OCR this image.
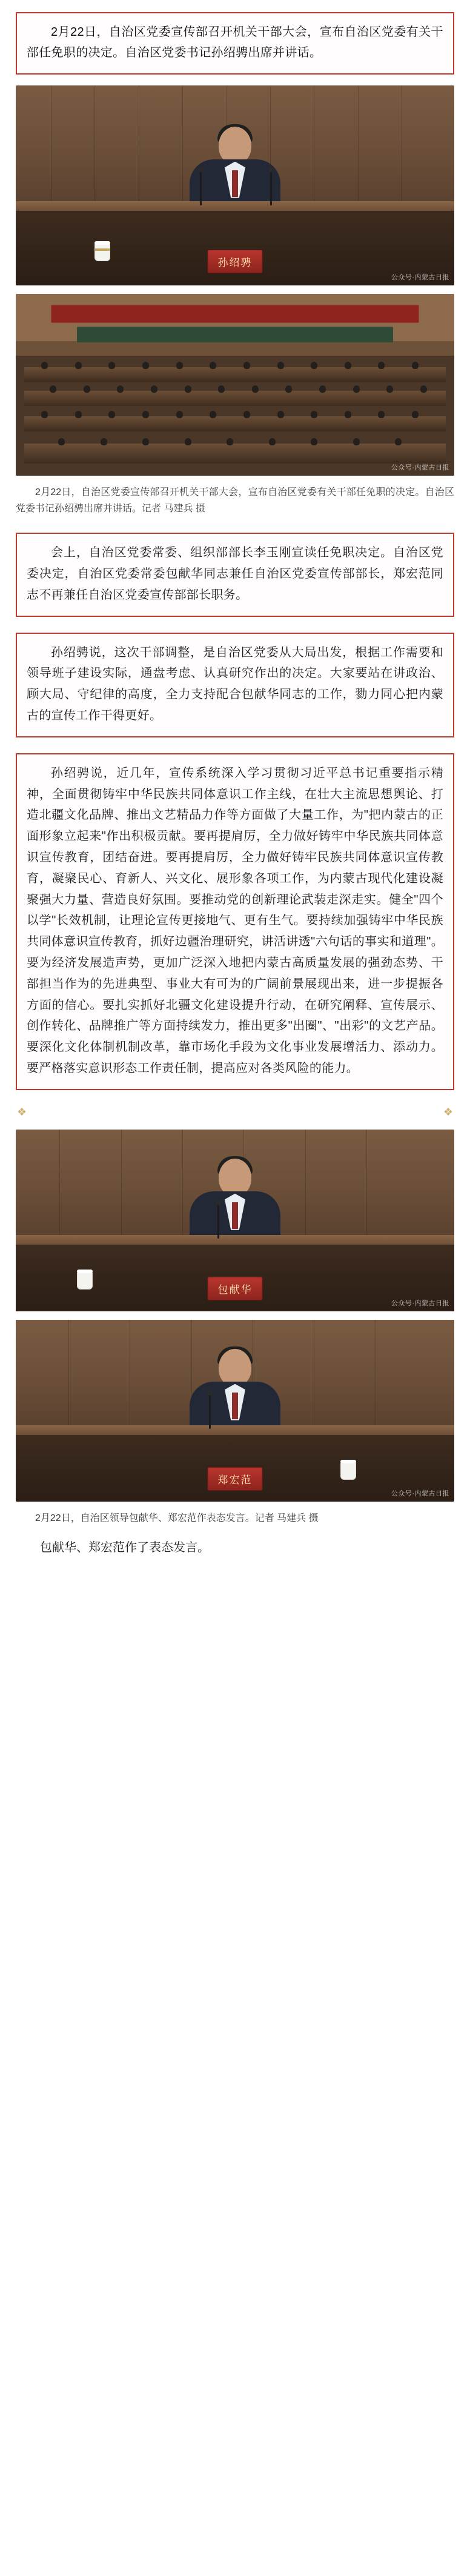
2月22日，自治区党委宣传部召开机关干部大会，宣布自治区党委有关干部任免职的决定。自治区党委书记孙绍骋出席并讲话。

孙绍骋
公众号·内蒙古日报
公众号·内蒙古日报
2月22日，自治区党委宣传部召开机关干部大会，宣布自治区党委有关干部任免职的决定。自治区党委书记孙绍骋出席并讲话。记者 马建兵 摄

会上，自治区党委常委、组织部部长李玉刚宣读任免职决定。自治区党委决定，自治区党委常委包献华同志兼任自治区党委宣传部部长，郑宏范同志不再兼任自治区党委宣传部部长职务。

孙绍骋说，这次干部调整，是自治区党委从大局出发，根据工作需要和领导班子建设实际，通盘考虑、认真研究作出的决定。大家要站在讲政治、顾大局、守纪律的高度，全力支持配合包献华同志的工作，勠力同心把内蒙古的宣传工作干得更好。

孙绍骋说，近几年，宣传系统深入学习贯彻习近平总书记重要指示精神，全面贯彻铸牢中华民族共同体意识工作主线，在壮大主流思想舆论、打造北疆文化品牌、推出文艺精品力作等方面做了大量工作，为"把内蒙古的正面形象立起来"作出积极贡献。要再提肩厉，全力做好铸牢中华民族共同体意识宣传教育，团结奋进。要再提肩厉，全力做好铸牢民族共同体意识宣传教育，凝聚民心、育新人、兴文化、展形象各项工作，为内蒙古现代化建设凝聚强大力量、营造良好氛围。要推动党的创新理论武装走深走实。健全"四个以学"长效机制，让理论宣传更接地气、更有生气。要持续加强铸牢中华民族共同体意识宣传教育，抓好边疆治理研究，讲活讲透"六句话的事实和道理"。要为经济发展造声势，更加广泛深入地把内蒙古高质量发展的强劲态势、干部担当作为的先进典型、事业大有可为的广阔前景展现出来，进一步提振各方面的信心。要扎实抓好北疆文化建设提升行动，在研究阐释、宣传展示、创作转化、品牌推广等方面持续发力，推出更多"出圈"、"出彩"的文艺产品。要深化文化体制机制改革，靠市场化手段为文化事业发展增活力、添动力。要严格落实意识形态工作责任制，提高应对各类风险的能力。

❖	❖
包献华
公众号·内蒙古日报
郑宏范
公众号·内蒙古日报
2月22日，自治区领导包献华、郑宏范作表态发言。记者 马建兵 摄
包献华、郑宏范作了表态发言。
